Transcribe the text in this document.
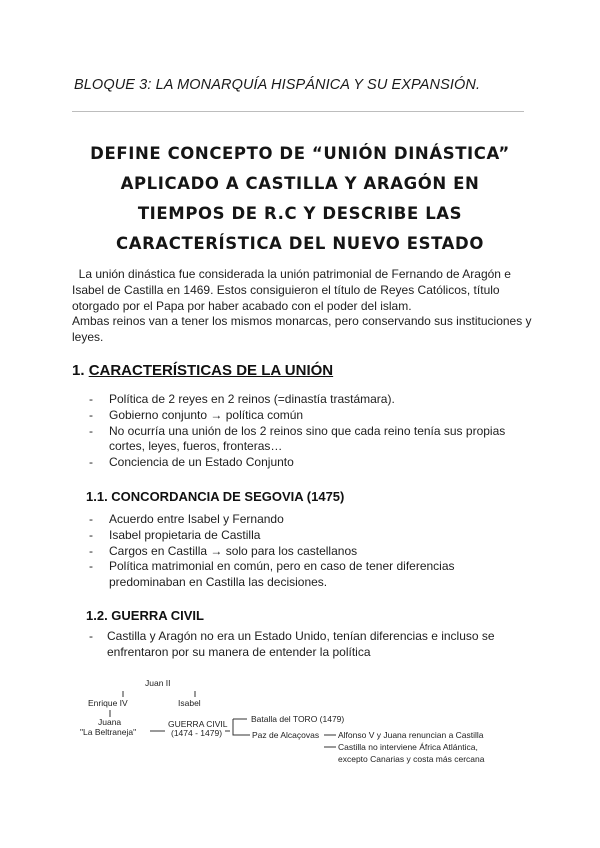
BLOQUE 3: LA MONARQUÍA HISPÁNICA Y SU EXPANSIÓN.
DEFINE CONCEPTO DE “UNIÓN DINÁSTICA”
APLICADO A CASTILLA Y ARAGÓN EN
TIEMPOS DE R.C Y DESCRIBE LAS
CARACTERÍSTICA DEL NUEVO ESTADO

La unión dinástica fue considerada la unión patrimonial de Fernando de Aragón e Isabel de Castilla en 1469. Estos consiguieron el título de Reyes Católicos, título otorgado por el Papa por haber acabado con el poder del islam.

Ambas reinos van a tener los mismos monarcas, pero conservando sus instituciones y leyes.

1. CARACTERÍSTICAS DE LA UNIÓN
- Política de 2 reyes en 2 reinos (=dinastía trastámara).
- Gobierno conjunto → política común
- No ocurría una unión de los 2 reinos sino que cada reino tenía sus propias cortes, leyes, fueros, fronteras…
- Conciencia de un Estado Conjunto
1.1. CONCORDANCIA DE SEGOVIA (1475)
- Acuerdo entre Isabel y Fernando
- Isabel propietaria de Castilla
- Cargos en Castilla → solo para los castellanos
- Política matrimonial en común, pero en caso de tener diferencias predominaban en Castilla las decisiones.
1.2. GUERRA CIVIL
- Castilla y Aragón no era un Estado Unido, tenían diferencias e incluso se enfrentaron por su manera de entender la política
Juan II
Enrique IV	Isabel
Juana
"La Beltraneja"
GUERRA CIVIL
(1474 - 1479)
Batalla del TORO (1479)
Paz de Alcaçovas Alfonso V y Juana renuncian a Castilla
Castilla no interviene África Atlántica,
excepto Canarias y costa más cercana
